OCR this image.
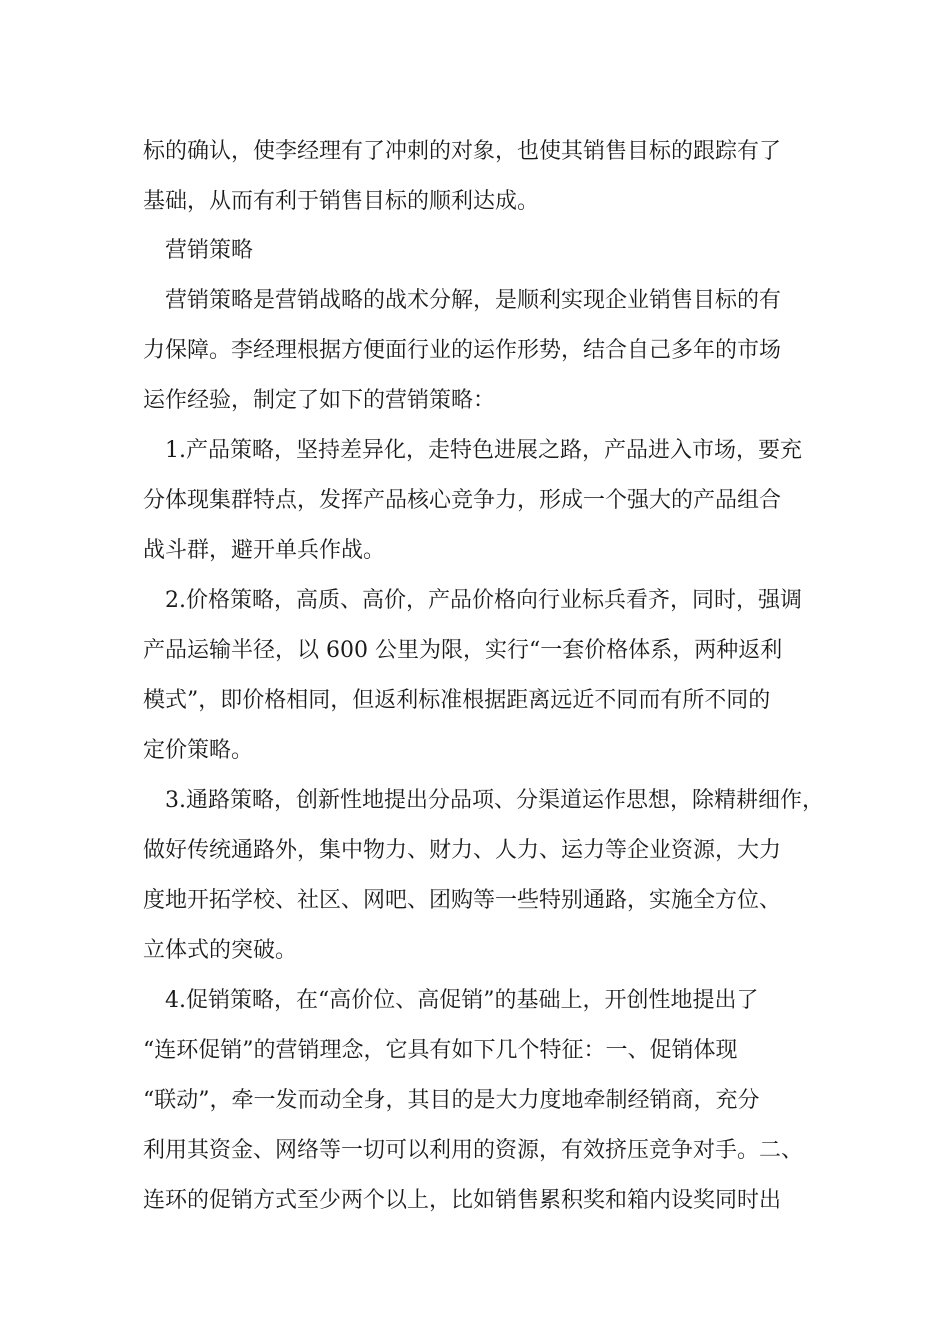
标的确认，使李经理有了冲刺的对象，也使其销售目标的跟踪有了
基础，从而有利于销售目标的顺利达成。
营销策略
营销策略是营销战略的战术分解，是顺利实现企业销售目标的有
力保障。李经理根据方便面行业的运作形势，结合自己多年的市场
运作经验，制定了如下的营销策略：
1.产品策略，坚持差异化，走特色进展之路，产品进入市场，要充
分体现集群特点，发挥产品核心竞争力，形成一个强大的产品组合
战斗群，避开单兵作战。
2.价格策略，高质、高价，产品价格向行业标兵看齐，同时，强调
产品运输半径，以 600 公里为限，实行“一套价格体系，两种返利
模式”，即价格相同，但返利标准根据距离远近不同而有所不同的
定价策略。
3.通路策略，创新性地提出分品项、分渠道运作思想，除精耕细作，
做好传统通路外，集中物力、财力、人力、运力等企业资源，大力
度地开拓学校、社区、网吧、团购等一些特别通路，实施全方位、
立体式的突破。
4.促销策略，在“高价位、高促销”的基础上，开创性地提出了
“连环促销”的营销理念，它具有如下几个特征：一、促销体现
“联动”，牵一发而动全身，其目的是大力度地牵制经销商，充分
利用其资金、网络等一切可以利用的资源，有效挤压竞争对手。二、
连环的促销方式至少两个以上，比如销售累积奖和箱内设奖同时出
